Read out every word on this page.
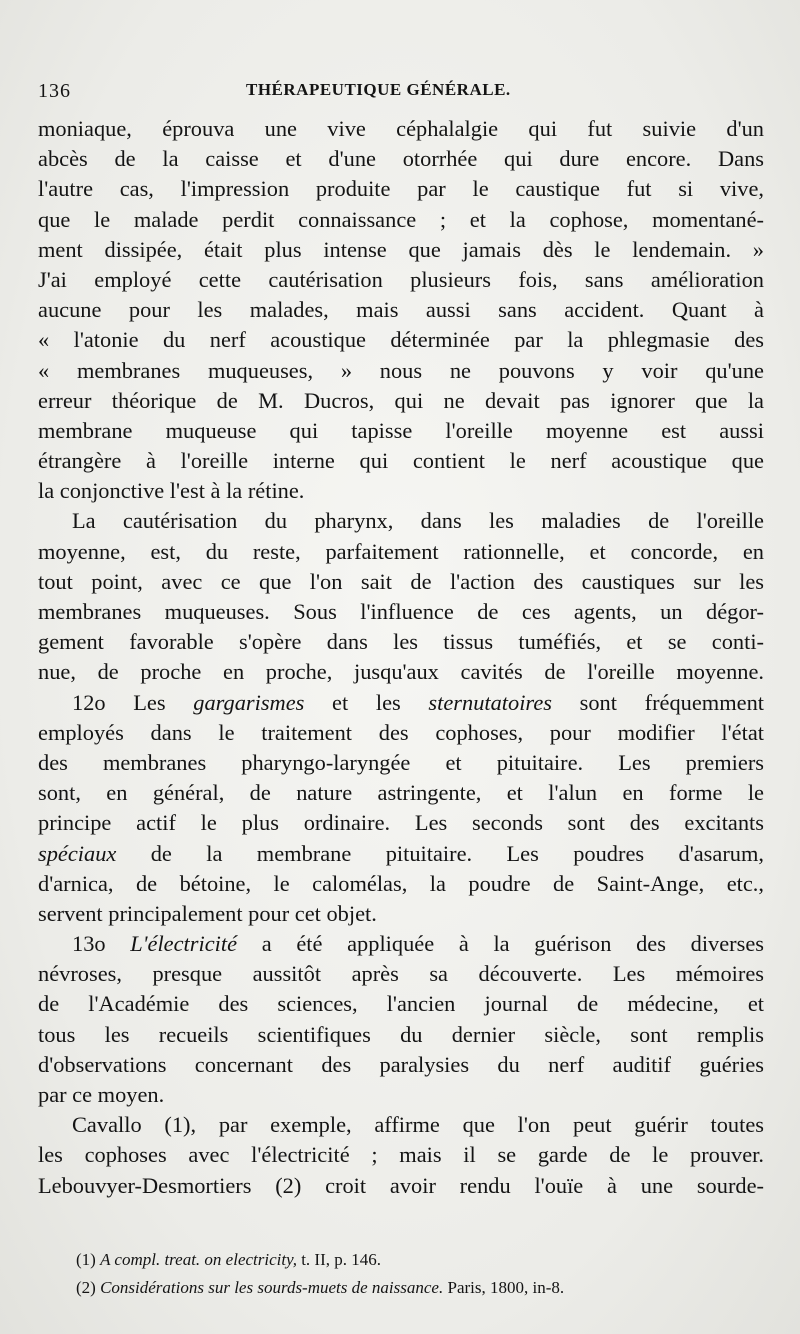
136	THÉRAPEUTIQUE GÉNÉRALE.
moniaque, éprouva une vive céphalalgie qui fut suivie d'un
abcès de la caisse et d'une otorrhée qui dure encore. Dans
l'autre cas, l'impression produite par le caustique fut si vive,
que le malade perdit connaissance ; et la cophose, momentané-
ment dissipée, était plus intense que jamais dès le lendemain. »
J'ai employé cette cautérisation plusieurs fois, sans amélioration
aucune pour les malades, mais aussi sans accident. Quant à
« l'atonie du nerf acoustique déterminée par la phlegmasie des
« membranes muqueuses, » nous ne pouvons y voir qu'une
erreur théorique de M. Ducros, qui ne devait pas ignorer que la
membrane muqueuse qui tapisse l'oreille moyenne est aussi
étrangère à l'oreille interne qui contient le nerf acoustique que
la conjonctive l'est à la rétine.
La cautérisation du pharynx, dans les maladies de l'oreille
moyenne, est, du reste, parfaitement rationnelle, et concorde, en
tout point, avec ce que l'on sait de l'action des caustiques sur les
membranes muqueuses. Sous l'influence de ces agents, un dégor-
gement favorable s'opère dans les tissus tuméfiés, et se conti-
nue, de proche en proche, jusqu'aux cavités de l'oreille moyenne.
12o Les gargarismes et les sternutatoires sont fréquemment
employés dans le traitement des cophoses, pour modifier l'état
des membranes pharyngo-laryngée et pituitaire. Les premiers
sont, en général, de nature astringente, et l'alun en forme le
principe actif le plus ordinaire. Les seconds sont des excitants
spéciaux de la membrane pituitaire. Les poudres d'asarum,
d'arnica, de bétoine, le calomélas, la poudre de Saint-Ange, etc.,
servent principalement pour cet objet.
13o L'électricité a été appliquée à la guérison des diverses
névroses, presque aussitôt après sa découverte. Les mémoires
de l'Académie des sciences, l'ancien journal de médecine, et
tous les recueils scientifiques du dernier siècle, sont remplis
d'observations concernant des paralysies du nerf auditif guéries
par ce moyen.
Cavallo (1), par exemple, affirme que l'on peut guérir toutes
les cophoses avec l'électricité ; mais il se garde de le prouver.
Lebouvyer-Desmortiers (2) croit avoir rendu l'ouïe à une sourde-
(1) A compl. treat. on electricity, t. II, p. 146.
(2) Considérations sur les sourds-muets de naissance. Paris, 1800, in-8.
